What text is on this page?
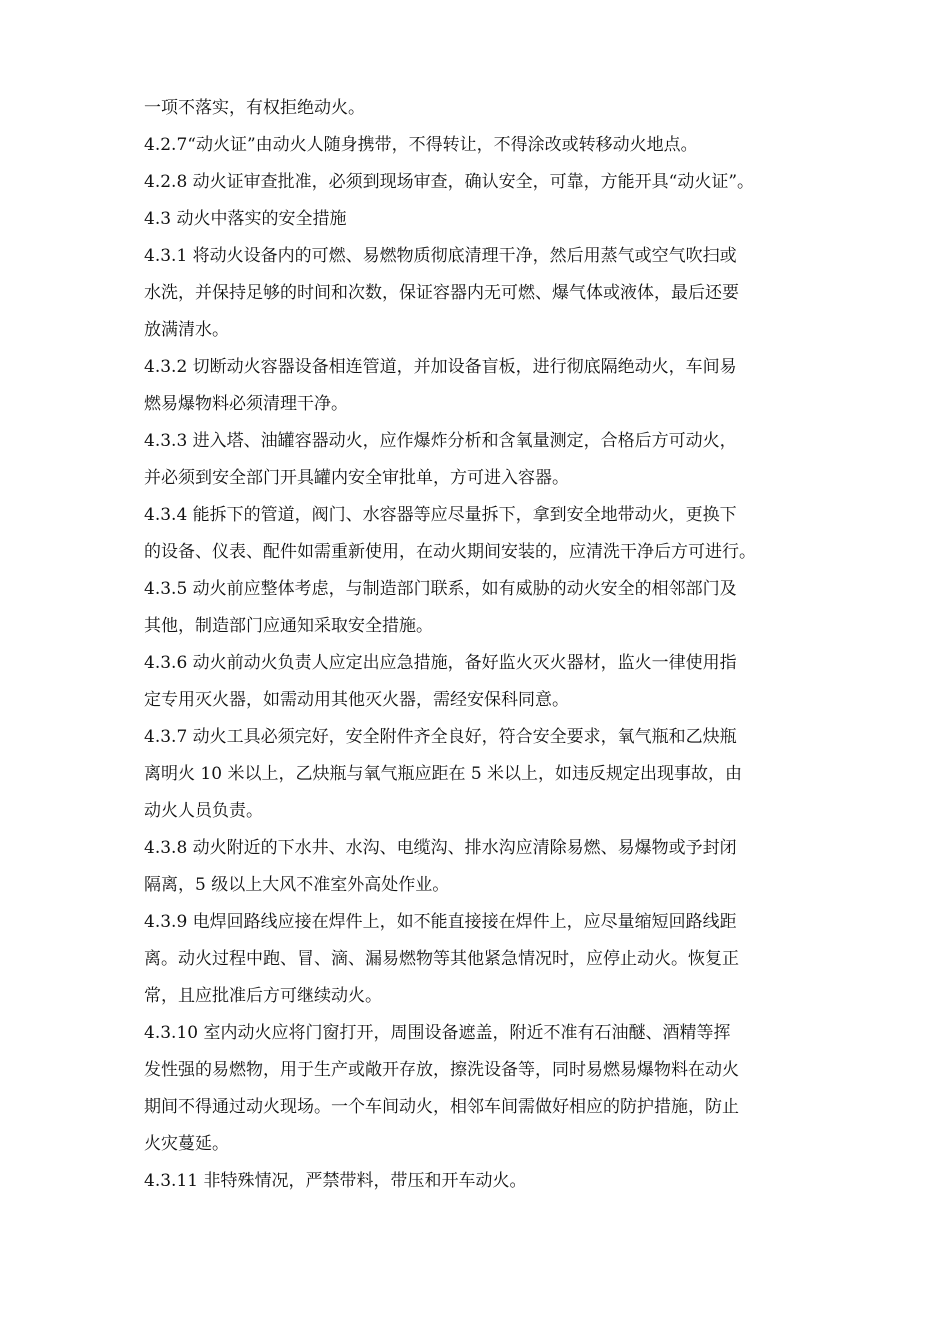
一项不落实，有权拒绝动火。
4.2.7“动火证”由动火人随身携带，不得转让，不得涂改或转移动火地点。
4.2.8 动火证审查批准，必须到现场审查，确认安全，可靠，方能开具“动火证”。
4.3 动火中落实的安全措施
4.3.1 将动火设备内的可燃、易燃物质彻底清理干净，然后用蒸气或空气吹扫或
水洗，并保持足够的时间和次数，保证容器内无可燃、爆气体或液体，最后还要
放满清水。
4.3.2 切断动火容器设备相连管道，并加设备盲板，进行彻底隔绝动火，车间易
燃易爆物料必须清理干净。
4.3.3 进入塔、油罐容器动火，应作爆炸分析和含氧量测定，合格后方可动火，
并必须到安全部门开具罐内安全审批单，方可进入容器。
4.3.4 能拆下的管道，阀门、水容器等应尽量拆下，拿到安全地带动火，更换下
的设备、仪表、配件如需重新使用，在动火期间安装的，应清洗干净后方可进行。
4.3.5 动火前应整体考虑，与制造部门联系，如有威胁的动火安全的相邻部门及
其他，制造部门应通知采取安全措施。
4.3.6 动火前动火负责人应定出应急措施，备好监火灭火器材，监火一律使用指
定专用灭火器，如需动用其他灭火器，需经安保科同意。
4.3.7 动火工具必须完好，安全附件齐全良好，符合安全要求，氧气瓶和乙炔瓶
离明火 10 米以上，乙炔瓶与氧气瓶应距在 5 米以上，如违反规定出现事故，由
动火人员负责。
4.3.8 动火附近的下水井、水沟、电缆沟、排水沟应清除易燃、易爆物或予封闭
隔离，5 级以上大风不准室外高处作业。
4.3.9 电焊回路线应接在焊件上，如不能直接接在焊件上，应尽量缩短回路线距
离。动火过程中跑、冒、滴、漏易燃物等其他紧急情况时，应停止动火。恢复正
常，且应批准后方可继续动火。
4.3.10 室内动火应将门窗打开，周围设备遮盖，附近不准有石油醚、酒精等挥
发性强的易燃物，用于生产或敞开存放，擦洗设备等，同时易燃易爆物料在动火
期间不得通过动火现场。一个车间动火，相邻车间需做好相应的防护措施，防止
火灾蔓延。
4.3.11 非特殊情况，严禁带料，带压和开车动火。
